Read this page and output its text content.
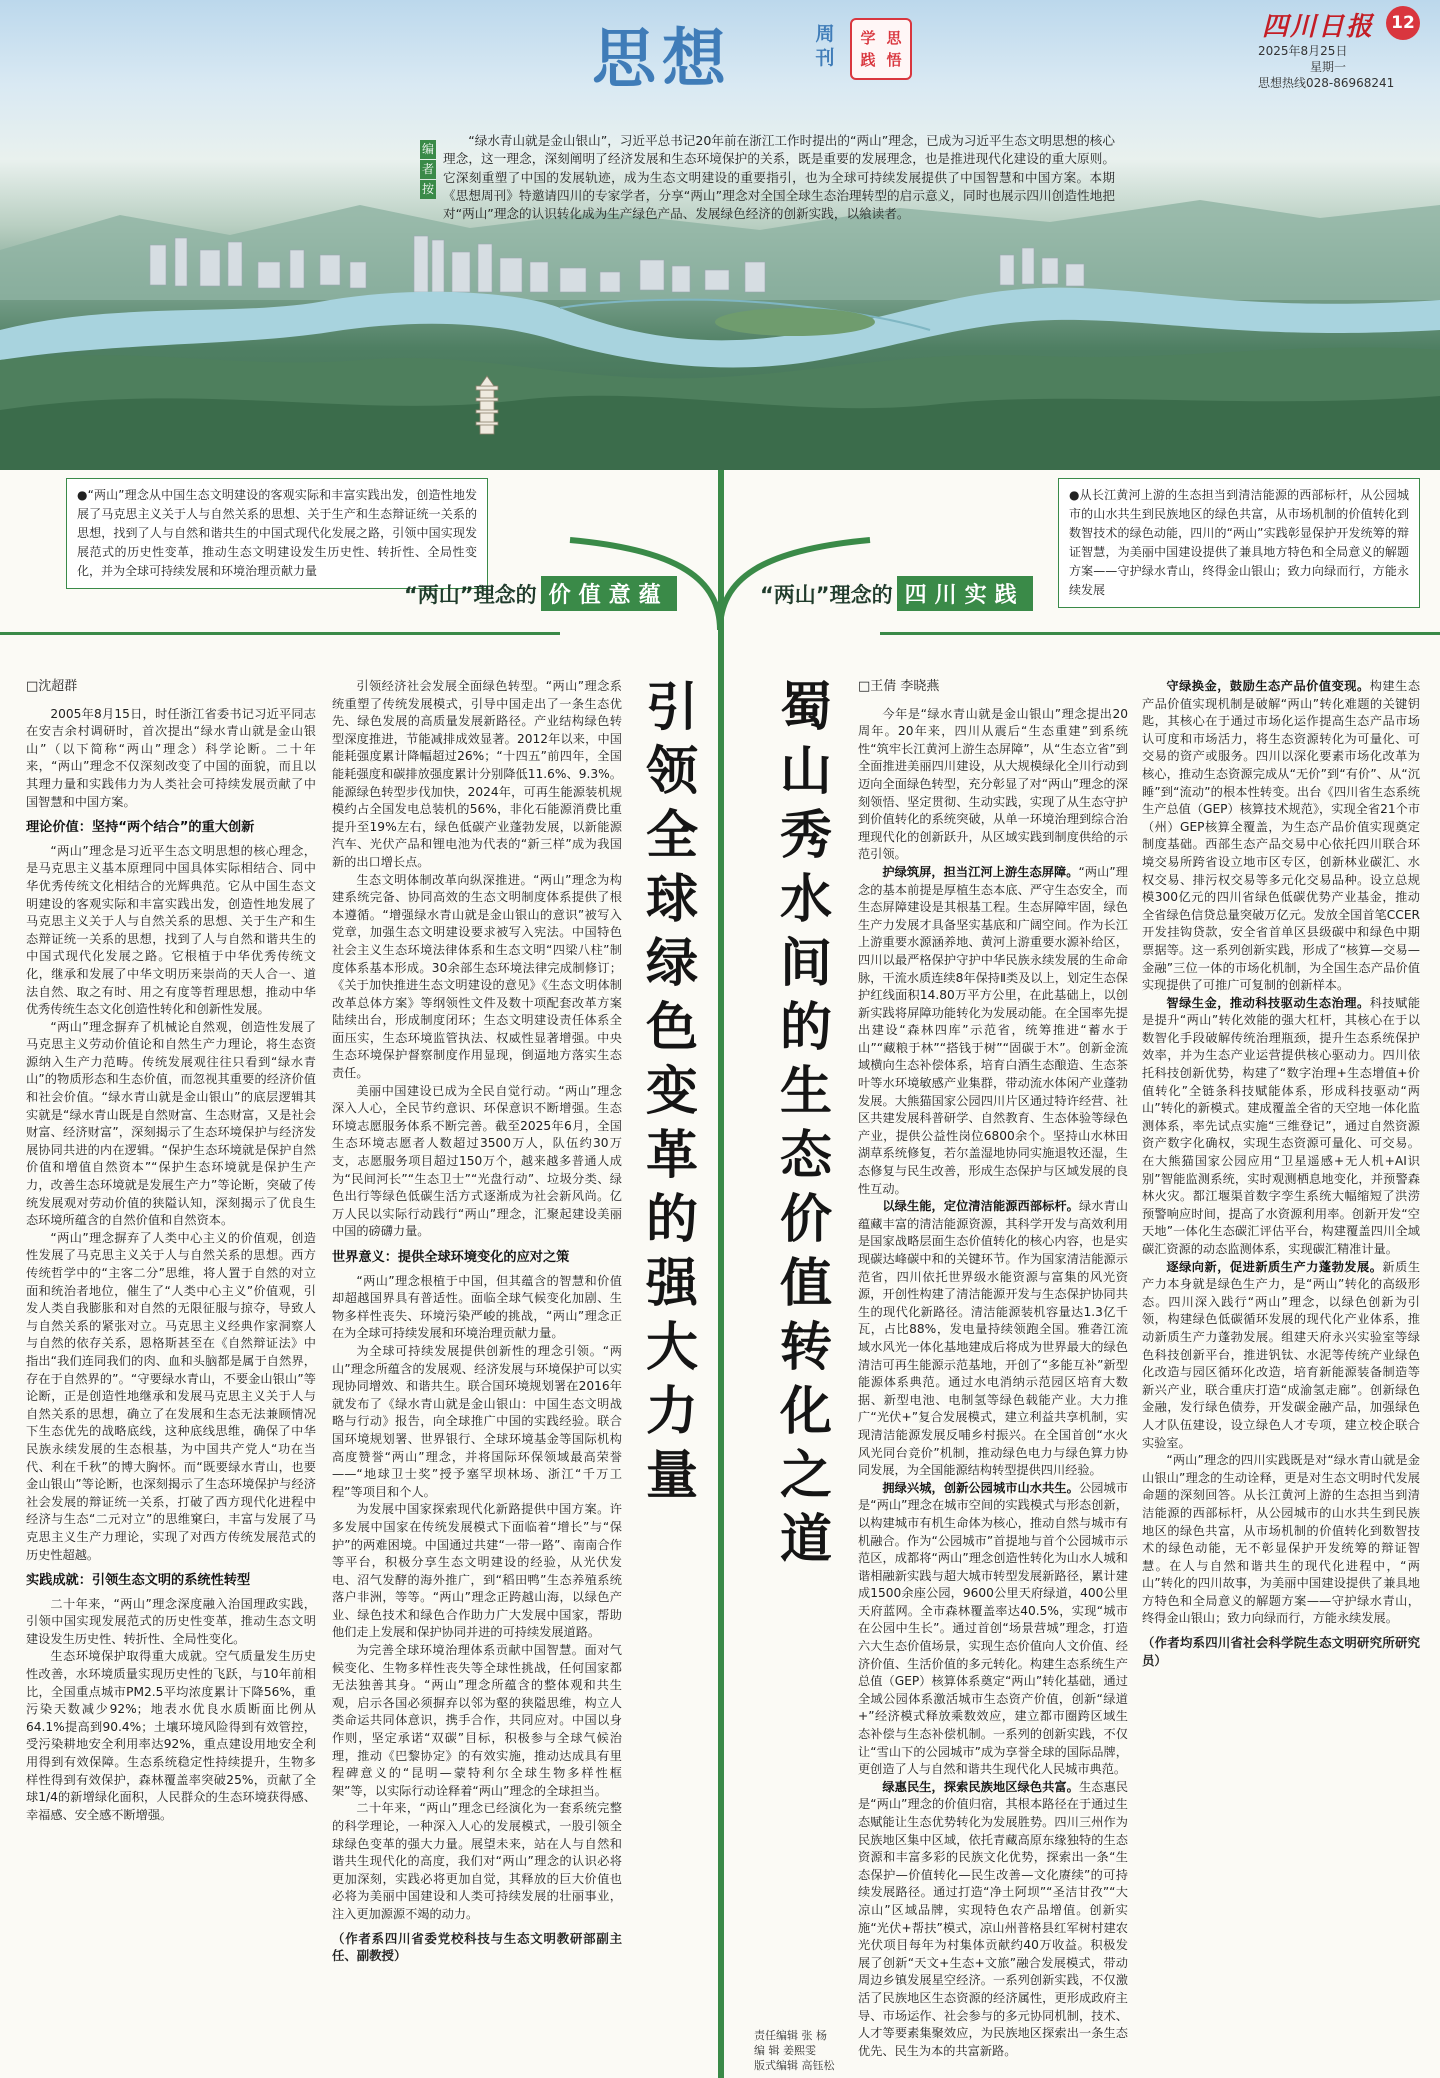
思想	周刊
学 思
践 悟
四川日报	12
2025年8月25日
星期一
思想热线028-86968241
编
者
按
“绿水青山就是金山银山”，习近平总书记20年前在浙江工作时提出的“两山”理念，已成为习近平生态文明思想的核心理念，这一理念，深刻阐明了经济发展和生态环境保护的关系，既是重要的发展理念，也是推进现代化建设的重大原则。它深刻重塑了中国的发展轨迹，成为生态文明建设的重要指引，也为全球可持续发展提供了中国智慧和中国方案。本期《思想周刊》特邀请四川的专家学者，分享“两山”理念对全国全球生态治理转型的启示意义，同时也展示四川创造性地把对“两山”理念的认识转化成为生产绿色产品、发展绿色经济的创新实践，以飨读者。
●“两山”理念从中国生态文明建设的客观实际和丰富实践出发，创造性地发展了马克思主义关于人与自然关系的思想、关于生产和生态辩证统一关系的思想，找到了人与自然和谐共生的中国式现代化发展之路，引领中国实现发展范式的历史性变革，推动生态文明建设发生历史性、转折性、全局性变化，并为全球可持续发展和环境治理贡献力量
●从长江黄河上游的生态担当到清洁能源的西部标杆，从公园城市的山水共生到民族地区的绿色共富，从市场机制的价值转化到数智技术的绿色动能，四川的“两山”实践彰显保护开发统筹的辩证智慧，为美丽中国建设提供了兼具地方特色和全局意义的解题方案——守护绿水青山，终得金山银山；致力向绿而行，方能永续发展
“两山”理念的 价值意蕴	“两山”理念的 四川实践
引领全球绿色变革的强大力量

□沈超群

2005年8月15日，时任浙江省委书记习近平同志在安吉余村调研时，首次提出“绿水青山就是金山银山”（以下简称“两山”理念）科学论断。二十年来，“两山”理念不仅深刻改变了中国的面貌，而且以其理力量和实践伟力为人类社会可持续发展贡献了中国智慧和中国方案。

理论价值：坚持“两个结合”的重大创新

“两山”理念是习近平生态文明思想的核心理念，是马克思主义基本原理同中国具体实际相结合、同中华优秀传统文化相结合的光辉典范。它从中国生态文明建设的客观实际和丰富实践出发，创造性地发展了马克思主义关于人与自然关系的思想、关于生产和生态辩证统一关系的思想，找到了人与自然和谐共生的中国式现代化发展之路。它根植于中华优秀传统文化，继承和发展了中华文明历来崇尚的天人合一、道法自然、取之有时、用之有度等哲理思想，推动中华优秀传统生态文化创造性转化和创新性发展。

“两山”理念摒弃了机械论自然观，创造性发展了马克思主义劳动价值论和自然生产力理论，将生态资源纳入生产力范畴。传统发展观往往只看到“绿水青山”的物质形态和生态价值，而忽视其重要的经济价值和社会价值。“绿水青山就是金山银山”的底层逻辑其实就是“绿水青山既是自然财富、生态财富，又是社会财富、经济财富”，深刻揭示了生态环境保护与经济发展协同共进的内在逻辑。“保护生态环境就是保护自然价值和增值自然资本”“保护生态环境就是保护生产力，改善生态环境就是发展生产力”等论断，突破了传统发展观对劳动价值的狭隘认知，深刻揭示了优良生态环境所蕴含的自然价值和自然资本。

“两山”理念摒弃了人类中心主义的价值观，创造性发展了马克思主义关于人与自然关系的思想。西方传统哲学中的“主客二分”思维，将人置于自然的对立面和统治者地位，催生了“人类中心主义”价值观，引发人类自我膨胀和对自然的无限征服与掠夺，导致人与自然关系的紧张对立。马克思主义经典作家洞察人与自然的依存关系，恩格斯甚至在《自然辩证法》中指出“我们连同我们的肉、血和头脑都是属于自然界，存在于自然界的”。“守要绿水青山，不要金山银山”等论断，正是创造性地继承和发展马克思主义关于人与自然关系的思想，确立了在发展和生态无法兼顾情况下生态优先的战略底线，这种底线思维，确保了中华民族永续发展的生态根基，为中国共产党人“功在当代、利在千秋”的博大胸怀。而“既要绿水青山，也要金山银山”等论断，也深刻揭示了生态环境保护与经济社会发展的辩证统一关系，打破了西方现代化进程中经济与生态“二元对立”的思维窠臼，丰富与发展了马克思主义生产力理论，实现了对西方传统发展范式的历史性超越。

实践成就：引领生态文明的系统性转型

二十年来，“两山”理念深度融入治国理政实践，引领中国实现发展范式的历史性变革，推动生态文明建设发生历史性、转折性、全局性变化。

生态环境保护取得重大成就。空气质量发生历史性改善，水环境质量实现历史性的飞跃，与10年前相比，全国重点城市PM2.5平均浓度累计下降56%，重污染天数减少92%；地表水优良水质断面比例从64.1%提高到90.4%；土壤环境风险得到有效管控，受污染耕地安全利用率达92%，重点建设用地安全利用得到有效保障。生态系统稳定性持续提升，生物多样性得到有效保护，森林覆盖率突破25%，贡献了全球1/4的新增绿化面积，人民群众的生态环境获得感、幸福感、安全感不断增强。

引领经济社会发展全面绿色转型。“两山”理念系统重塑了传统发展模式，引导中国走出了一条生态优先、绿色发展的高质量发展新路径。产业结构绿色转型深度推进，节能减排成效显著。2012年以来，中国能耗强度累计降幅超过26%；“十四五”前四年，全国能耗强度和碳排放强度累计分别降低11.6%、9.3%。能源绿色转型步伐加快，2024年，可再生能源装机规模约占全国发电总装机的56%，非化石能源消费比重提升至19%左右，绿色低碳产业蓬勃发展，以新能源汽车、光伏产品和锂电池为代表的“新三样”成为我国新的出口增长点。

生态文明体制改革向纵深推进。“两山”理念为构建系统完备、协同高效的生态文明制度体系提供了根本遵循。“增强绿水青山就是金山银山的意识”被写入党章，加强生态文明建设要求被写入宪法。中国特色社会主义生态环境法律体系和生态文明“四梁八柱”制度体系基本形成。30余部生态环境法律完成制修订；《关于加快推进生态文明建设的意见》《生态文明体制改革总体方案》等纲领性文件及数十项配套改革方案陆续出台，形成制度闭环；生态文明建设责任体系全面压实，生态环境监管执法、权威性显著增强。中央生态环境保护督察制度作用显现，倒逼地方落实生态责任。

美丽中国建设已成为全民自觉行动。“两山”理念深入人心，全民节约意识、环保意识不断增强。生态环境志愿服务体系不断完善。截至2025年6月，全国生态环境志愿者人数超过3500万人，队伍约30万支，志愿服务项目超过150万个，越来越多普通人成为“民间河长”“生态卫士”“光盘行动”、垃圾分类、绿色出行等绿色低碳生活方式逐渐成为社会新风尚。亿万人民以实际行动践行“两山”理念，汇聚起建设美丽中国的磅礴力量。

世界意义：提供全球环境变化的应对之策

“两山”理念根植于中国，但其蕴含的智慧和价值却超越国界具有普适性。面临全球气候变化加剧、生物多样性丧失、环境污染严峻的挑战，“两山”理念正在为全球可持续发展和环境治理贡献力量。

为全球可持续发展提供创新性的理念引领。“两山”理念所蕴含的发展观、经济发展与环境保护可以实现协同增效、和谐共生。联合国环境规划署在2016年就发布了《绿水青山就是金山银山：中国生态文明战略与行动》报告，向全球推广中国的实践经验。联合国环境规划署、世界银行、全球环境基金等国际机构高度赞誉“两山”理念，并将国际环保领域最高荣誉——“地球卫士奖”授予塞罕坝林场、浙江“千万工程”等项目和个人。

为发展中国家探索现代化新路提供中国方案。许多发展中国家在传统发展模式下面临着“增长”与“保护”的两难困境。中国通过共建“一带一路”、南南合作等平台，积极分享生态文明建设的经验，从光伏发电、沼气发酵的海外推广，到“稻田鸭”生态养殖系统落户非洲，等等。“两山”理念正跨越山海，以绿色产业、绿色技术和绿色合作助力广大发展中国家，帮助他们走上发展和保护协同并进的可持续发展道路。

为完善全球环境治理体系贡献中国智慧。面对气候变化、生物多样性丧失等全球性挑战，任何国家都无法独善其身。“两山”理念所蕴含的整体观和共生观，启示各国必须摒弃以邻为壑的狭隘思维，构立人类命运共同体意识，携手合作，共同应对。中国以身作则，坚定承诺“双碳”目标，积极参与全球气候治理，推动《巴黎协定》的有效实施，推动达成具有里程碑意义的“昆明—蒙特利尔全球生物多样性框架”等，以实际行动诠释着“两山”理念的全球担当。

二十年来，“两山”理念已经演化为一套系统完整的科学理论，一种深入人心的发展模式，一股引领全球绿色变革的强大力量。展望未来，站在人与自然和谐共生现代化的高度，我们对“两山”理念的认识必将更加深刻，实践必将更加自觉，其释放的巨大价值也必将为美丽中国建设和人类可持续发展的壮丽事业，注入更加源源不竭的动力。

（作者系四川省委党校科技与生态文明教研部副主任、副教授）

蜀山秀水间的生态价值转化之道

□王倩 李晓燕

今年是“绿水青山就是金山银山”理念提出20周年。20年来，四川从震后“生态重建”到系统性“筑牢长江黄河上游生态屏障”，从“生态立省”到全面推进美丽四川建设，从大规模绿化全川行动到迈向全面绿色转型，充分彰显了对“两山”理念的深刻领悟、坚定贯彻、生动实践，实现了从生态守护到价值转化的系统突破，从单一环境治理到综合治理现代化的创新跃升，从区域实践到制度供给的示范引领。

护绿筑屏，担当江河上游生态屏障。“两山”理念的基本前提是厚植生态本底、严守生态安全，而生态屏障建设是其根基工程。生态屏障牢固，绿色生产力发展才具备坚实基底和广阔空间。作为长江上游重要水源涵养地、黄河上游重要水源补给区，四川以最严格保护守护中华民族永续发展的生命命脉，干流水质连续8年保持Ⅱ类及以上，划定生态保护红线面积14.80万平方公里，在此基础上，以创新实践将屏障功能转化为发展动能。在全国率先提出建设“森林四库”示范省，统筹推进“蓄水于山”“藏粮于林”“搭钱于树”“固碳于木”。创新金流域横向生态补偿体系，培育白酒生态酿造、生态茶叶等水环境敏感产业集群，带动流水体闲产业蓬勃发展。大熊猫国家公园四川片区通过特许经营、社区共建发展科普研学、自然教育、生态体验等绿色产业，提供公益性岗位6800余个。坚持山水林田湖草系统修复，若尔盖湿地协同实施退牧还湿，生态修复与民生改善，形成生态保护与区域发展的良性互动。

以绿生能，定位清洁能源西部标杆。绿水青山蕴藏丰富的清洁能源资源，其科学开发与高效利用是国家战略层面生态价值转化的核心内容，也是实现碳达峰碳中和的关键环节。作为国家清洁能源示范省，四川依托世界级水能资源与富集的风光资源，开创性构建了清洁能源开发与生态保护协同共生的现代化新路径。清洁能源装机容量达1.3亿千瓦，占比88%，发电量持续领跑全国。雅砻江流域水风光一体化基地建成后将成为世界最大的绿色清洁可再生能源示范基地，开创了“多能互补”新型能源体系典范。通过水电消纳示范园区培育大数据、新型电池、电制氢等绿色载能产业。大力推广“光伏+”复合发展模式，建立利益共享机制，实现清洁能源发展反哺乡村振兴。在全国首创“水火风光同台竞价”机制，推动绿色电力与绿色算力协同发展，为全国能源结构转型提供四川经验。

拥绿兴城，创新公园城市山水共生。公园城市是“两山”理念在城市空间的实践模式与形态创新，以构建城市有机生命体为核心，推动自然与城市有机融合。作为“公园城市”首提地与首个公园城市示范区，成都将“两山”理念创造性转化为山水人城和谐相融新实践与超大城市转型发展新路径，累计建成1500余座公园，9600公里天府绿道，400公里天府蓝网。全市森林覆盖率达40.5%，实现“城市在公园中生长”。通过首创“场景营城”理念，打造六大生态价值场景，实现生态价值向人文价值、经济价值、生活价值的多元转化。构建生态系统生产总值（GEP）核算体系奠定“两山”转化基础，通过全域公园体系激活城市生态资产价值，创新“绿道+”经济模式释放乘数效应，建立都市圈跨区域生态补偿与生态补偿机制。一系列的创新实践，不仅让“雪山下的公园城市”成为享誉全球的国际品牌，更创造了人与自然和谐共生现代化人民城市典范。

绿惠民生，探索民族地区绿色共富。生态惠民是“两山”理念的价值归宿，其根本路径在于通过生态赋能让生态优势转化为发展胜势。四川三州作为民族地区集中区域，依托青藏高原东缘独特的生态资源和丰富多彩的民族文化优势，探索出一条“生态保护—价值转化—民生改善—文化赓续”的可持续发展路径。通过打造“净土阿坝”“圣洁甘孜”“大凉山”区域品牌，实现特色农产品增值。创新实施“光伏+帮扶”模式，凉山州普格县红军树村建农光伏项目每年为村集体贡献约40万收益。积极发展了创新“天文+生态+文旅”融合发展模式，带动周边乡镇发展星空经济。一系列创新实践，不仅激活了民族地区生态资源的经济属性，更形成政府主导、市场运作、社会参与的多元协同机制，技术、人才等要素集聚效应，为民族地区探索出一条生态优先、民生为本的共富新路。

守绿换金，鼓励生态产品价值变现。构建生态产品价值实现机制是破解“两山”转化难题的关键钥匙，其核心在于通过市场化运作提高生态产品市场认可度和市场活力，将生态资源转化为可量化、可交易的资产或服务。四川以深化要素市场化改革为核心，推动生态资源完成从“无价”到“有价”、从“沉睡”到“流动”的根本性转变。出台《四川省生态系统生产总值（GEP）核算技术规范》，实现全省21个市（州）GEP核算全覆盖，为生态产品价值实现奠定制度基础。西部生态产品交易中心依托四川联合环境交易所跨省设立地市区专区，创新林业碳汇、水权交易、排污权交易等多元化交易品种。设立总规模300亿元的四川省绿色低碳优势产业基金，推动全省绿色信贷总量突破万亿元。发放全国首笔CCER开发挂钩贷款，安全省首单区县级碳中和绿色中期票据等。这一系列创新实践，形成了“核算—交易—金融”三位一体的市场化机制，为全国生态产品价值实现提供了可推广可复制的创新样本。

智绿生金，推动科技驱动生态治理。科技赋能是提升“两山”转化效能的强大杠杆，其核心在于以数智化手段破解传统治理瓶颈，提升生态系统保护效率，并为生态产业运营提供核心驱动力。四川依托科技创新优势，构建了“数字治理+生态增值+价值转化”全链条科技赋能体系，形成科技驱动“两山”转化的新模式。建成覆盖全省的天空地一体化监测体系，率先试点实施“三维登记”，通过自然资源资产数字化确权，实现生态资源可量化、可交易。在大熊猫国家公园应用“卫星遥感+无人机+AI识别”智能监测系统，实时观测栖息地变化，并预警森林火灾。都江堰渠首数字孪生系统大幅缩短了洪涝预警响应时间，提高了水资源利用率。创新开发“空天地”一体化生态碳汇评估平台，构建覆盖四川全域碳汇资源的动态监测体系，实现碳汇精准计量。

逐绿向新，促进新质生产力蓬勃发展。新质生产力本身就是绿色生产力，是“两山”转化的高级形态。四川深入践行“两山”理念，以绿色创新为引领，构建绿色低碳循环发展的现代化产业体系，推动新质生产力蓬勃发展。组建天府永兴实验室等绿色科技创新平台，推进钒钛、水泥等传统产业绿色化改造与园区循环化改造，培育新能源装备制造等新兴产业，联合重庆打造“成渝氢走廊”。创新绿色金融，发行绿色债券，开发碳金融产品，加强绿色人才队伍建设，设立绿色人才专项，建立校企联合实验室。

“两山”理念的四川实践既是对“绿水青山就是金山银山”理念的生动诠释，更是对生态文明时代发展命题的深刻回答。从长江黄河上游的生态担当到清洁能源的西部标杆，从公园城市的山水共生到民族地区的绿色共富，从市场机制的价值转化到数智技术的绿色动能，无不彰显保护开发统筹的辩证智慧。在人与自然和谐共生的现代化进程中，“两山”转化的四川故事，为美丽中国建设提供了兼具地方特色和全局意义的解题方案——守护绿水青山，终得金山银山；致力向绿而行，方能永续发展。

（作者均系四川省社会科学院生态文明研究所研究员）

责任编辑 张 杨
编 辑 姜熙雯
版式编辑 高钰松
